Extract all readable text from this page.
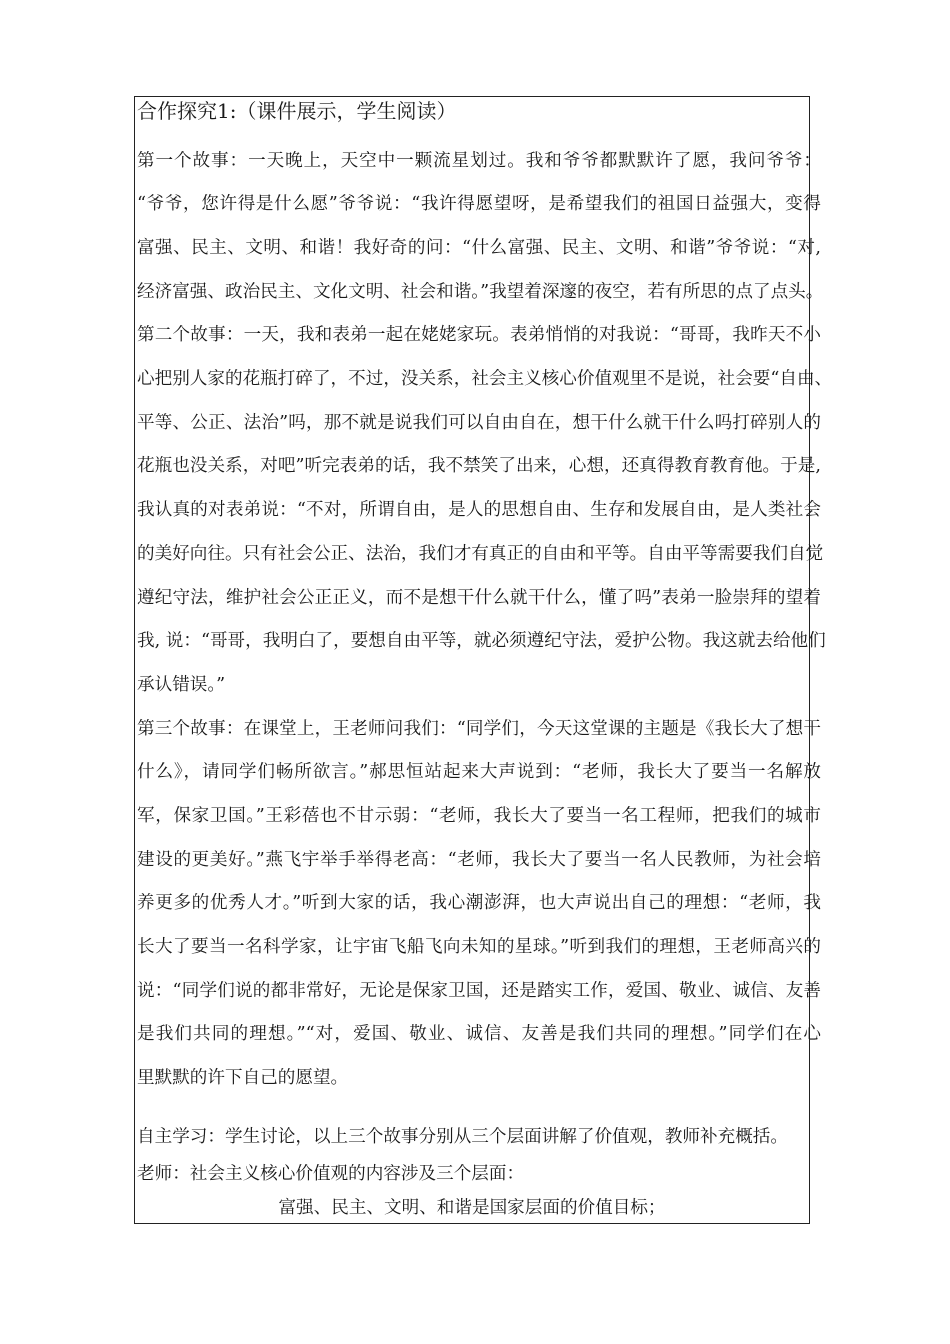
合作探究1:（课件展示，学生阅读）
第一个故事：一天晚上，天空中一颗流星划过。我和爷爷都默默许了愿，我问爷爷：
“爷爷，您许得是什么愿”爷爷说：“我许得愿望呀，是希望我们的祖国日益强大，变得
富强、民主、文明、和谐！我好奇的问：“什么富强、民主、文明、和谐”爷爷说：“对,
经济富强、政治民主、文化文明、社会和谐。”我望着深邃的夜空，若有所思的点了点头。
第二个故事：一天，我和表弟一起在姥姥家玩。表弟悄悄的对我说：“哥哥，我昨天不小
心把别人家的花瓶打碎了，不过，没关系，社会主义核心价值观里不是说，社会要“自由、
平等、公正、法治”吗，那不就是说我们可以自由自在，想干什么就干什么吗打碎别人的
花瓶也没关系，对吧”听完表弟的话，我不禁笑了出来，心想，还真得教育教育他。于是,
我认真的对表弟说：“不对，所谓自由，是人的思想自由、生存和发展自由，是人类社会
的美好向往。只有社会公正、法治，我们才有真正的自由和平等。自由平等需要我们自觉
遵纪守法，维护社会公正正义，而不是想干什么就干什么，懂了吗”表弟一脸崇拜的望着
我, 说：“哥哥，我明白了，要想自由平等，就必须遵纪守法，爱护公物。我这就去给他们
承认错误。”
第三个故事：在课堂上，王老师问我们：“同学们，今天这堂课的主题是《我长大了想干
什么》，请同学们畅所欲言。”郝思恒站起来大声说到：“老师，我长大了要当一名解放
军，保家卫国。”王彩蓓也不甘示弱：“老师，我长大了要当一名工程师，把我们的城市
建设的更美好。”燕飞宇举手举得老高：“老师，我长大了要当一名人民教师，为社会培
养更多的优秀人才。”听到大家的话，我心潮澎湃，也大声说出自己的理想：“老师，我
长大了要当一名科学家，让宇宙飞船飞向未知的星球。”听到我们的理想，王老师高兴的
说：“同学们说的都非常好，无论是保家卫国，还是踏实工作，爱国、敬业、诚信、友善
是我们共同的理想。”“对，爱国、敬业、诚信、友善是我们共同的理想。”同学们在心
里默默的许下自己的愿望。
自主学习：学生讨论，以上三个故事分别从三个层面讲解了价值观，教师补充概括。
老师：社会主义核心价值观的内容涉及三个层面：
富强、民主、文明、和谐是国家层面的价值目标；
